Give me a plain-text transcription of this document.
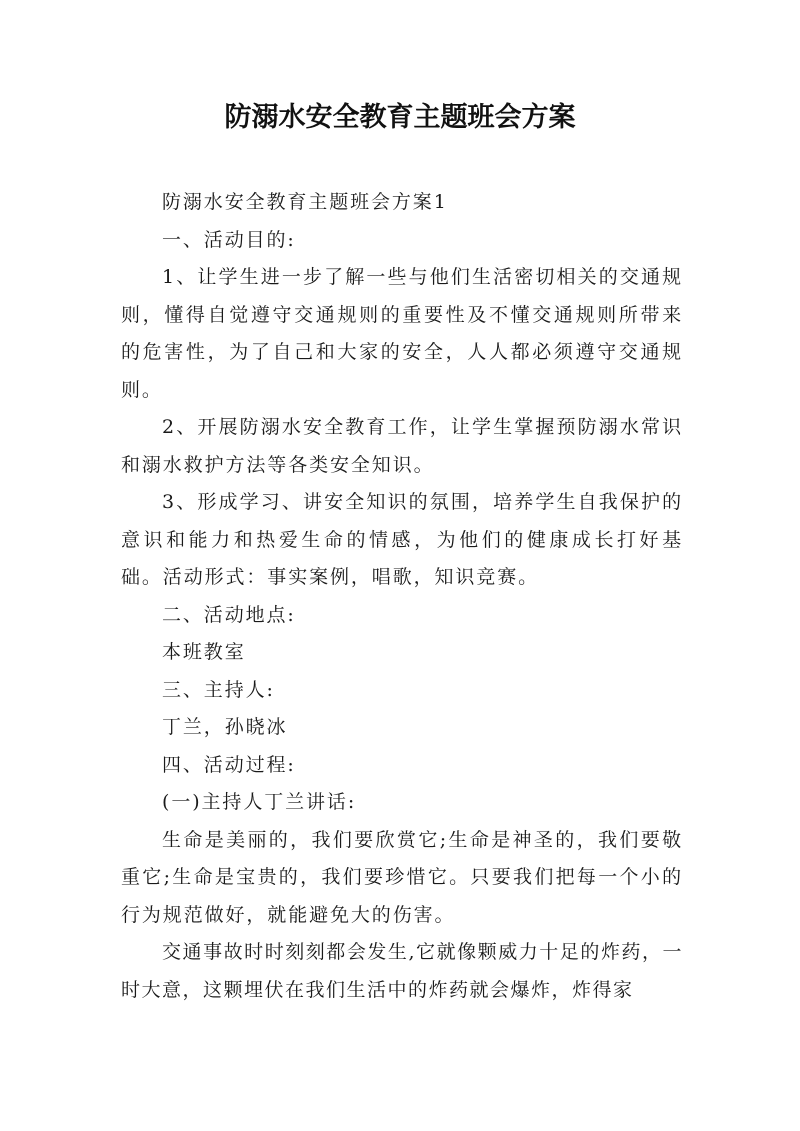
防溺水安全教育主题班会方案

防溺水安全教育主题班会方案1

一、活动目的:

1、让学生进一步了解一些与他们生活密切相关的交通规则，懂得自觉遵守交通规则的重要性及不懂交通规则所带来的危害性，为了自己和大家的安全，人人都必须遵守交通规则。

2、开展防溺水安全教育工作，让学生掌握预防溺水常识和溺水救护方法等各类安全知识。

3、形成学习、讲安全知识的氛围，培养学生自我保护的意识和能力和热爱生命的情感，为他们的健康成长打好基础。活动形式：事实案例，唱歌，知识竞赛。

二、活动地点:

本班教室

三、主持人:

丁兰，孙晓冰

四、活动过程:

(一)主持人丁兰讲话:

生命是美丽的，我们要欣赏它;生命是神圣的，我们要敬重它;生命是宝贵的，我们要珍惜它。只要我们把每一个小的行为规范做好，就能避免大的伤害。

交通事故时时刻刻都会发生,它就像颗威力十足的炸药，一时大意，这颗埋伏在我们生活中的炸药就会爆炸，炸得家
